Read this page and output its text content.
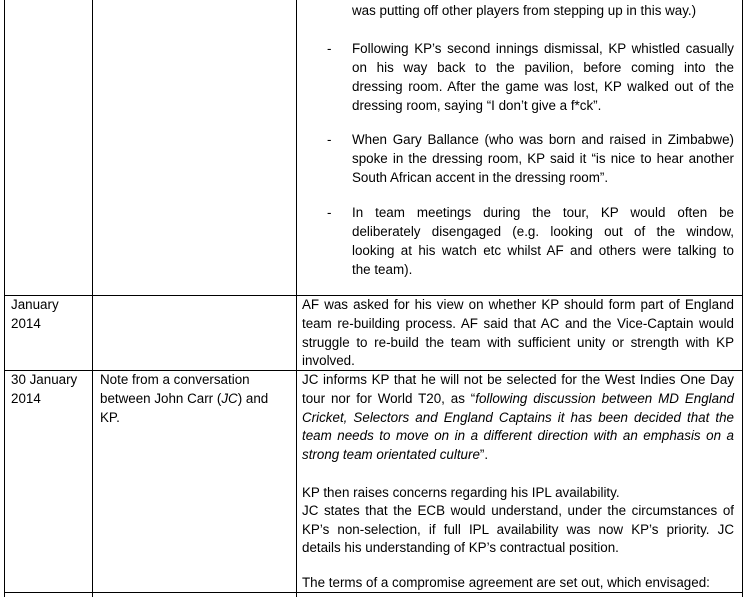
was putting off other players from stepping up in this way.)
- Following KP’s second innings dismissal, KP whistled casually
on his way back to the pavilion, before coming into the
dressing room. After the game was lost, KP walked out of the
dressing room, saying “I don’t give a f*ck”.
- When Gary Ballance (who was born and raised in Zimbabwe)
spoke in the dressing room, KP said it “is nice to hear another
South African accent in the dressing room”.
- In team meetings during the tour, KP would often be
deliberately disengaged (e.g. looking out of the window,
looking at his watch etc whilst AF and others were talking to
the team).
January
2014
AF was asked for his view on whether KP should form part of England
team re-building process. AF said that AC and the Vice-Captain would
struggle to re-build the team with sufficient unity or strength with KP
involved.
30 January
2014
Note from a conversation
between John Carr (JC) and
KP.
JC informs KP that he will not be selected for the West Indies One Day
tour nor for World T20, as “following discussion between MD England
Cricket, Selectors and England Captains it has been decided that the
team needs to move on in a different direction with an emphasis on a
strong team orientated culture”.
KP then raises concerns regarding his IPL availability.
JC states that the ECB would understand, under the circumstances of
KP’s non-selection, if full IPL availability was now KP’s priority. JC
details his understanding of KP’s contractual position.
The terms of a compromise agreement are set out, which envisaged:
